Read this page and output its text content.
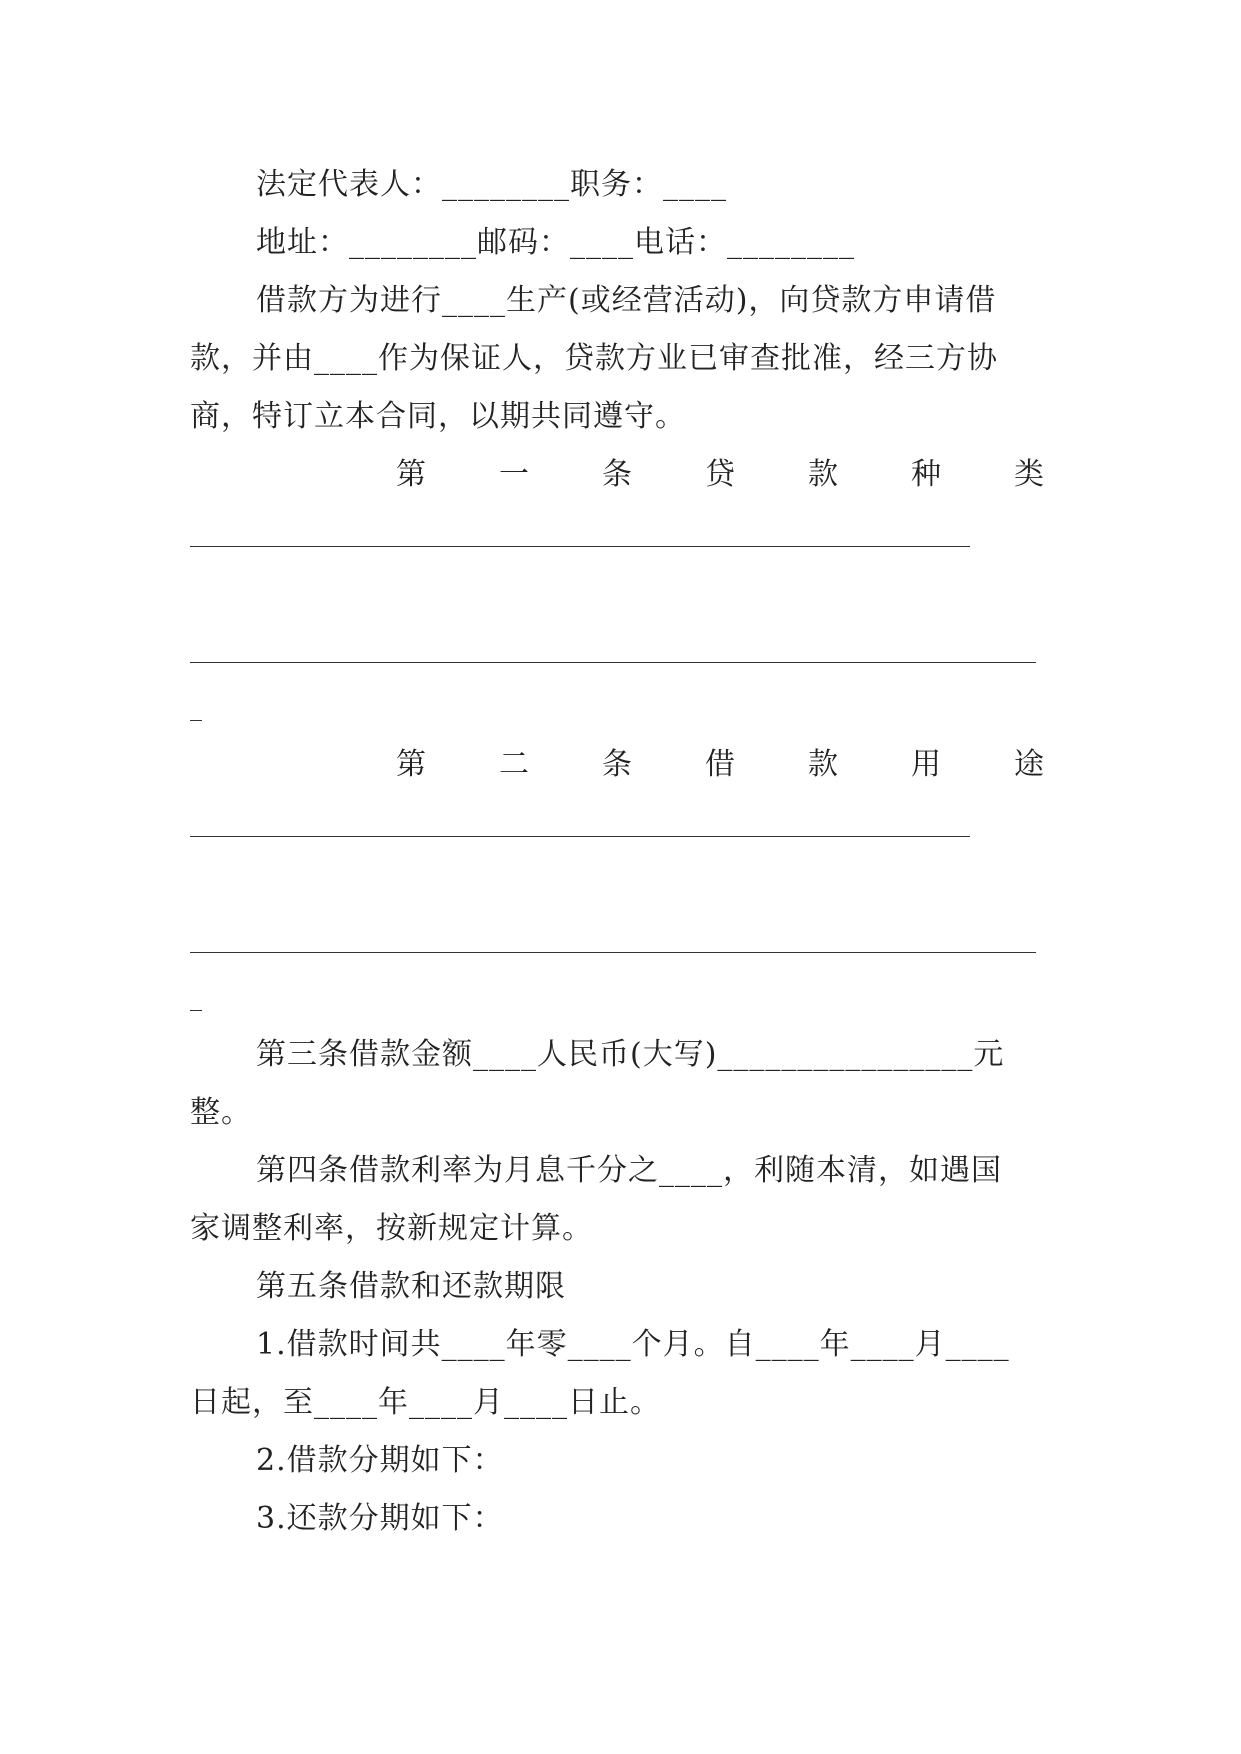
法定代表人：________职务：____
地址：________邮码：____电话：________
借款方为进行____生产(或经营活动)，向贷款方申请借
款，并由____作为保证人，贷款方业已审查批准，经三方协
商，特订立本合同，以期共同遵守。
第 一 条 贷 款 种 类
第 二 条 借 款 用 途
第三条借款金额____人民币(大写)________________元
整。
第四条借款利率为月息千分之____，利随本清，如遇国
家调整利率，按新规定计算。
第五条借款和还款期限
1.借款时间共____年零____个月。自____年____月____
日起，至____年____月____日止。
2.借款分期如下：
3.还款分期如下：
